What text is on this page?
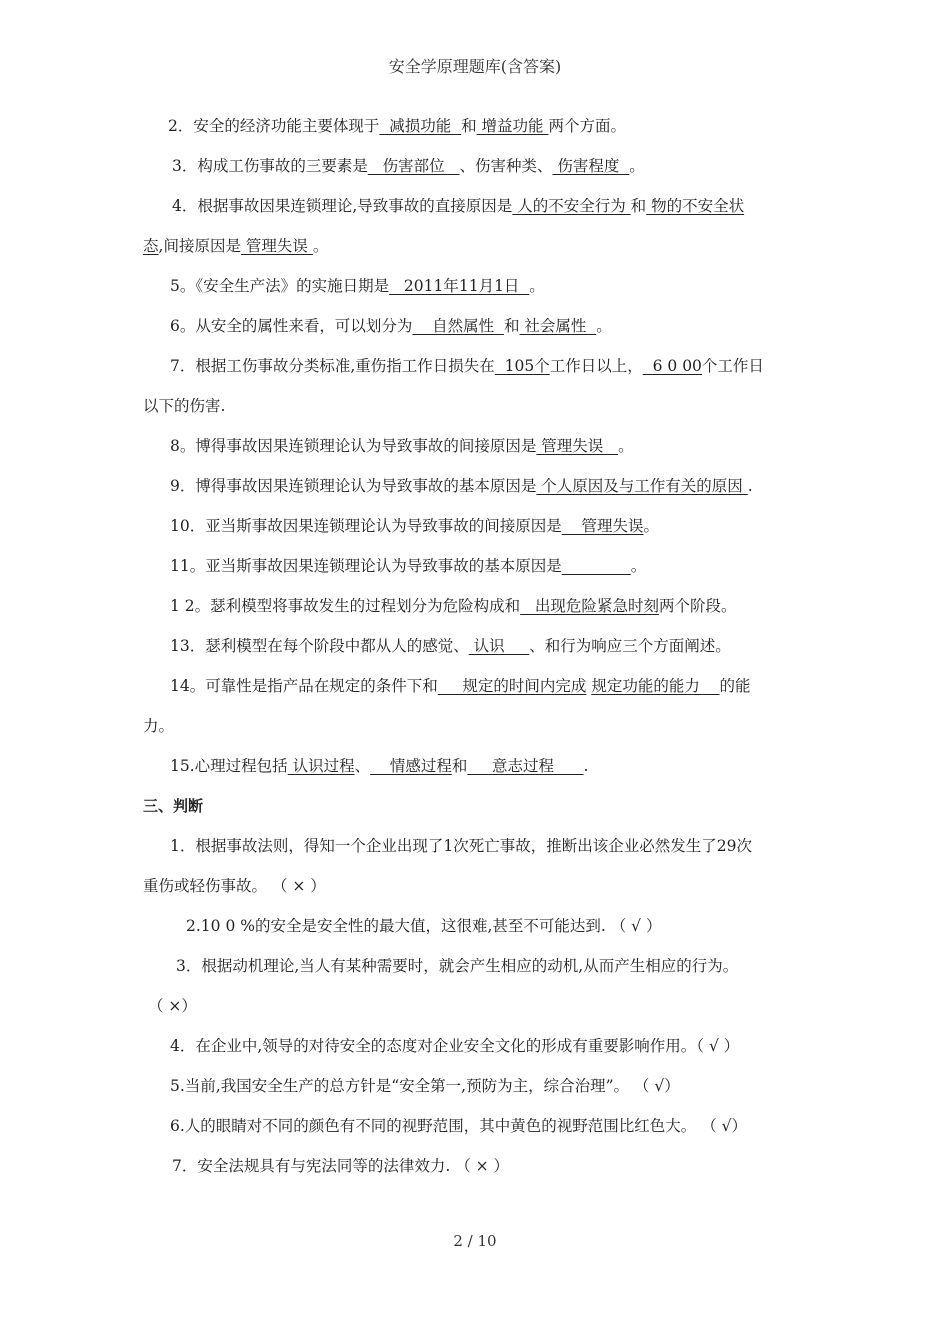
安全学原理题库(含答案)
2．安全的经济功能主要体现于  减损功能  和 增益功能 两个方面。
3．构成工伤事故的三要素是   伤害部位   、伤害种类、 伤害程度  。
4．根据事故因果连锁理论,导致事故的直接原因是 人的不安全行为 和 物的不安全状
态,间接原因是 管理失误 。
5。《安全生产法》的实施日期是   2011年11月1日  。
6。从安全的属性来看，可以划分为    自然属性  和 社会属性  。
7．根据工伤事故分类标准,重伤指工作日损失在  105个工作日以上，  6 0 00个工作日
以下的伤害.
8。博得事故因果连锁理论认为导致事故的间接原因是 管理失误   。
9．博得事故因果连锁理论认为导致事故的基本原因是 个人原因及与工作有关的原因 .
10．亚当斯事故因果连锁理论认为导致事故的间接原因是    管理失误。
11。亚当斯事故因果连锁理论认为导致事故的基本原因是	。
1 2。瑟利模型将事故发生的过程划分为危险构成和   出现危险紧急时刻两个阶段。
13．瑟利模型在每个阶段中都从人的感觉、 认识     、和行为响应三个方面阐述。
14。可靠性是指产品在规定的条件下和     规定的时间内完成 规定功能的能力    的能
力。
15.心理过程包括 认识过程、    情感过程和     意志过程      .
三、判断
1．根据事故法则，得知一个企业出现了1次死亡事故，推断出该企业必然发生了29次
重伤或轻伤事故。 （ × ）
2.10 0 %的安全是安全性的最大值，这很难,甚至不可能达到. （ √ ）
3．根据动机理论,当人有某种需要时，就会产生相应的动机,从而产生相应的行为。
（ ×）
4．在企业中,领导的对待安全的态度对企业安全文化的形成有重要影响作用。（ √ ）
5.当前,我国安全生产的总方针是“安全第一,预防为主，综合治理”。 （ √）
6.人的眼睛对不同的颜色有不同的视野范围，其中黄色的视野范围比红色大。 （ √）
7．安全法规具有与宪法同等的法律效力. （ × ）
2 / 10
